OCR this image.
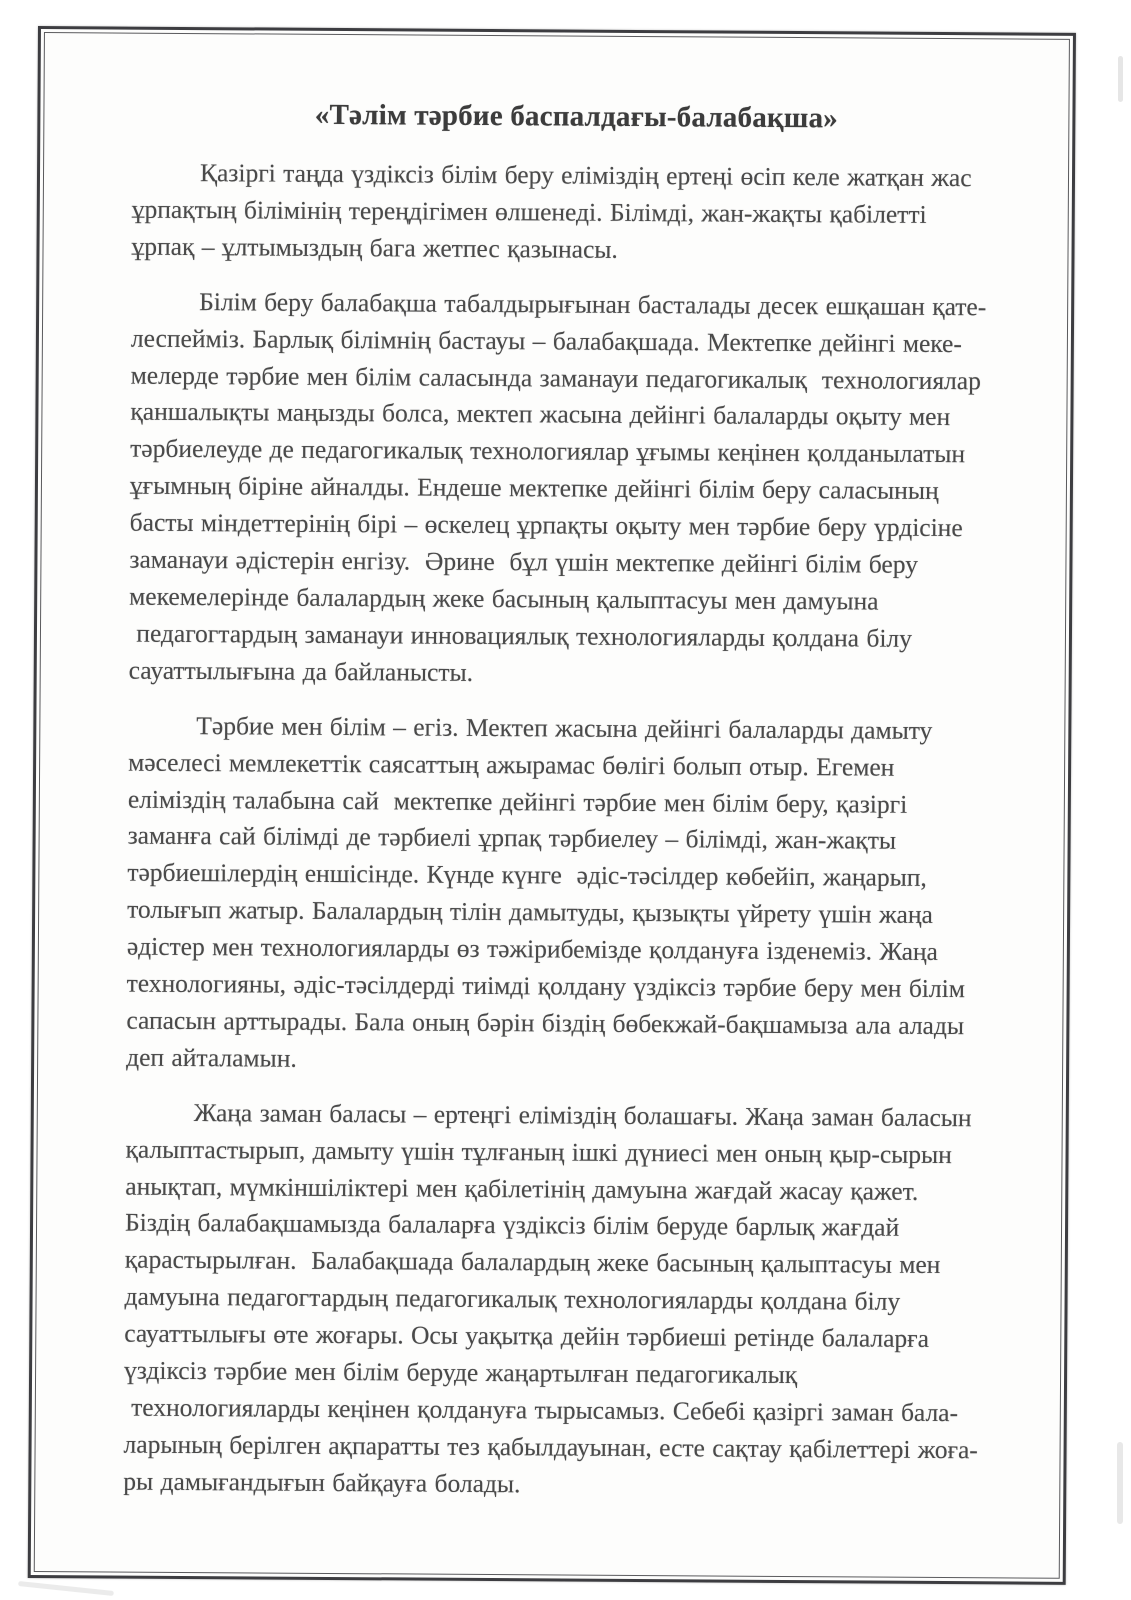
«Тәлім тәрбие баспалдағы-балабақша»

Қазіргі таңда үздіксіз білім беру еліміздің ертеңі өсіп келе жатқан жас
ұрпақтың білімінің тереңдігімен өлшенеді. Білімді, жан-жақты қабілетті
ұрпақ – ұлтымыздың бага жетпес қазынасы.

Білім беру балабақша табалдырығынан басталады десек ешқашан қате-
леспейміз. Барлық білімнің бастауы – балабақшада. Мектепке дейінгі меке-
мелерде тәрбие мен білім саласында заманауи педагогикалық  технологиялар
қаншалықты маңызды болса, мектеп жасына дейінгі балаларды оқыту мен
тәрбиелеуде де педагогикалық технологиялар ұғымы кеңінен қолданылатын
ұғымның біріне айналды. Ендеше мектепке дейінгі білім беру саласының
басты міндеттерінің бірі – өскелец ұрпақты оқыту мен тәрбие беру үрдісіне
заманауи әдістерін енгізу.  Әрине  бұл үшін мектепке дейінгі білім беру
мекемелерінде балалардың жеке басының қалыптасуы мен дамуына
педагогтардың заманауи инновациялық технологияларды қолдана білу
сауаттылығына да байланысты.

Тәрбие мен білім – егіз. Мектеп жасына дейінгі балаларды дамыту
мәселесі мемлекеттік саясаттың ажырамас бөлігі болып отыр. Егемен
еліміздің талабына сай  мектепке дейінгі тәрбие мен білім беру, қазіргі
заманға сай білімді де тәрбиелі ұрпақ тәрбиелеу – білімді, жан-жақты
тәрбиешілердің еншісінде. Күнде күнге  әдіс-тәсілдер көбейіп, жаңарып,
толығып жатыр. Балалардың тілін дамытуды, қызықты үйрету үшін жаңа
әдістер мен технологияларды өз тәжірибемізде қолдануға ізденеміз. Жаңа
технологияны, әдіс-тәсілдерді тиімді қолдану үздіксіз тәрбие беру мен білім
сапасын арттырады. Бала оның бәрін біздің бөбекжай-бақшамыза ала алады
деп айталамын.

Жаңа заман баласы – ертеңгі еліміздің болашағы. Жаңа заман баласын
қалыптастырып, дамыту үшін тұлғаның ішкі дүниесі мен оның қыр-сырын
анықтап, мүмкіншіліктері мен қабілетінің дамуына жағдай жасау қажет.
Біздің балабақшамызда балаларға үздіксіз білім беруде барлық жағдай
қарастырылған.  Балабақшада балалардың жеке басының қалыптасуы мен
дамуына педагогтардың педагогикалық технологияларды қолдана білу
сауаттылығы өте жоғары. Осы уақытқа дейін тәрбиеші ретінде балаларға
үздіксіз тәрбие мен білім беруде жаңартылған педагогикалық
технологияларды кеңінен қолдануға тырысамыз. Себебі қазіргі заман бала-
ларының берілген ақпаратты тез қабылдауынан, есте сақтау қабілеттері жоға-
ры дамығандығын байқауға болады.
